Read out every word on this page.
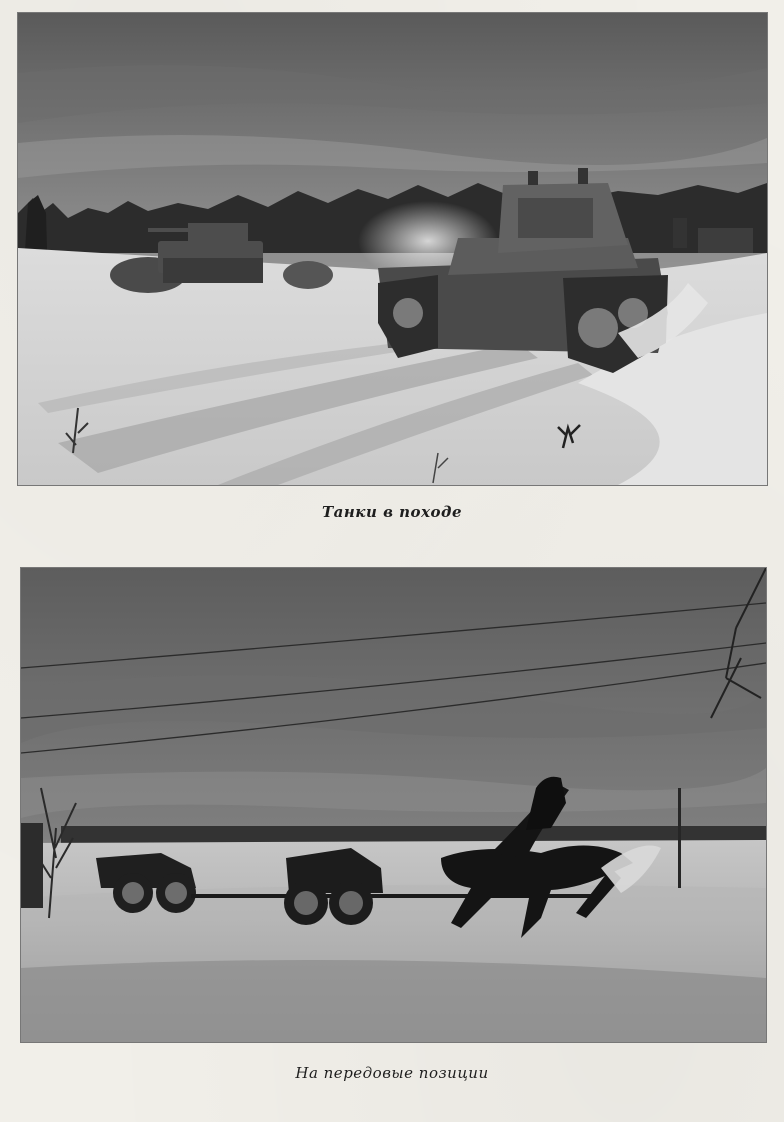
Танки в походе
На передовые позиции
